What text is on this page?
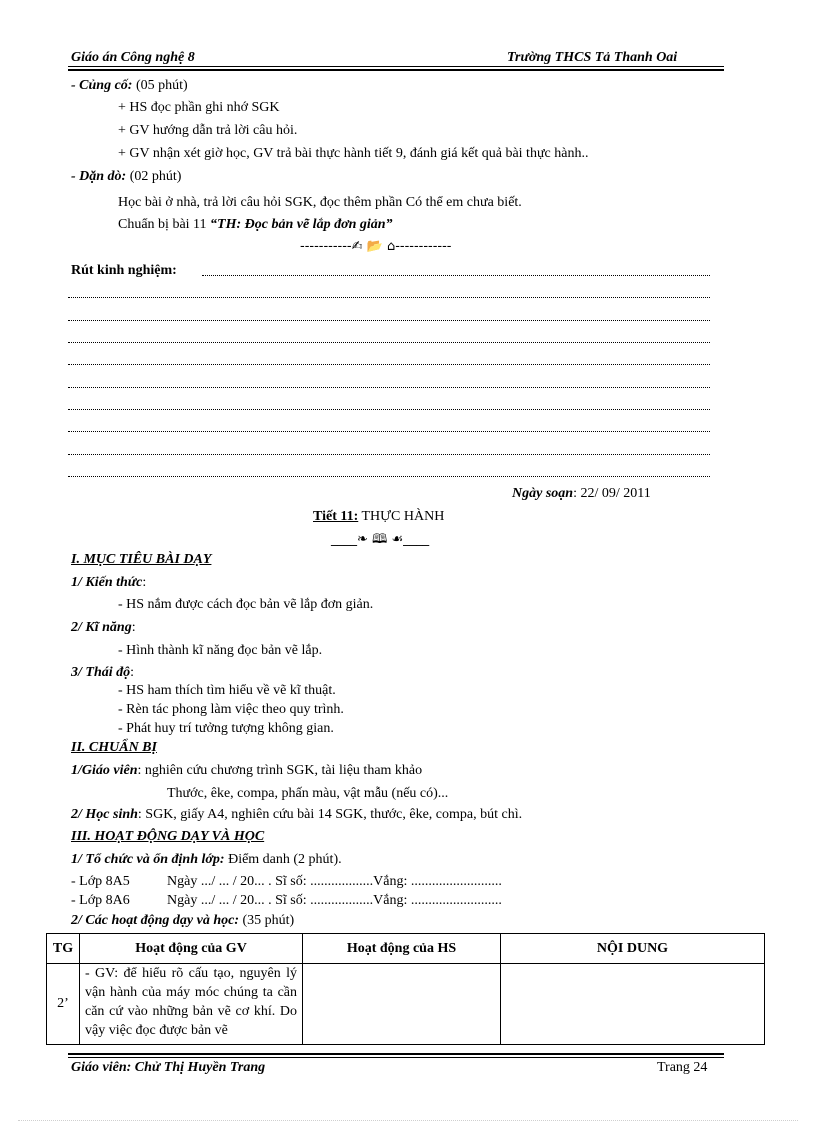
Giáo án Công nghệ 8	Trường THCS Tả Thanh Oai
- Củng cố: (05 phút)
+ HS đọc phần ghi nhớ SGK
+ GV hướng dẫn trả lời câu hỏi.
+ GV nhận xét giờ học, GV trả bài thực hành tiết 9, đánh giá kết quả bài thực hành..
- Dặn dò: (02 phút)
Học bài ở nhà, trả lời câu hỏi SGK, đọc thêm phần Có thể em chưa biết.
Chuẩn bị bài 11 “TH: Đọc bản vẽ lắp đơn giản”
-----------✍ 📂 ⌂------------
Rút kinh nghiệm:
Ngày soạn: 22/ 09/ 2011
Tiết 11: THỰC HÀNH
____❧ 🕮 ☙____
I. MỤC TIÊU BÀI DẠY
1/ Kiến thức:
- HS nắm được cách đọc bản vẽ lắp đơn giản.
2/ Kĩ năng:
- Hình thành kĩ năng đọc bản vẽ lắp.
3/ Thái độ:
- HS ham thích tìm hiểu về vẽ kĩ thuật.
- Rèn tác phong làm việc theo quy trình.
- Phát huy trí tưởng tượng không gian.
II. CHUẨN BỊ
1/Giáo viên: nghiên cứu chương trình SGK, tài liệu tham khảo
Thước, êke, compa, phấn màu, vật mẫu (nếu có)...
2/ Học sinh: SGK, giấy A4, nghiên cứu bài 14 SGK, thước, êke, compa, bút chì.
III. HOẠT ĐỘNG DẠY VÀ HỌC
1/ Tổ chức và ổn định lớp: Điểm danh (2 phút).
- Lớp 8A5	Ngày .../ ... / 20... . Sĩ số: ..................Vắng: ..........................
- Lớp 8A6	Ngày .../ ... / 20... . Sĩ số: ..................Vắng: ..........................
2/ Các hoạt động dạy và học: (35 phút)
TG	Hoạt động của GV	Hoạt động của HS	NỘI DUNG
2’	- GV: để hiểu rõ cấu tạo, nguyên lý vận hành của máy móc chúng ta cần căn cứ vào những bản vẽ cơ khí. Do vậy việc đọc được bản vẽ		
Giáo viên: Chử Thị Huyền Trang	Trang 24
